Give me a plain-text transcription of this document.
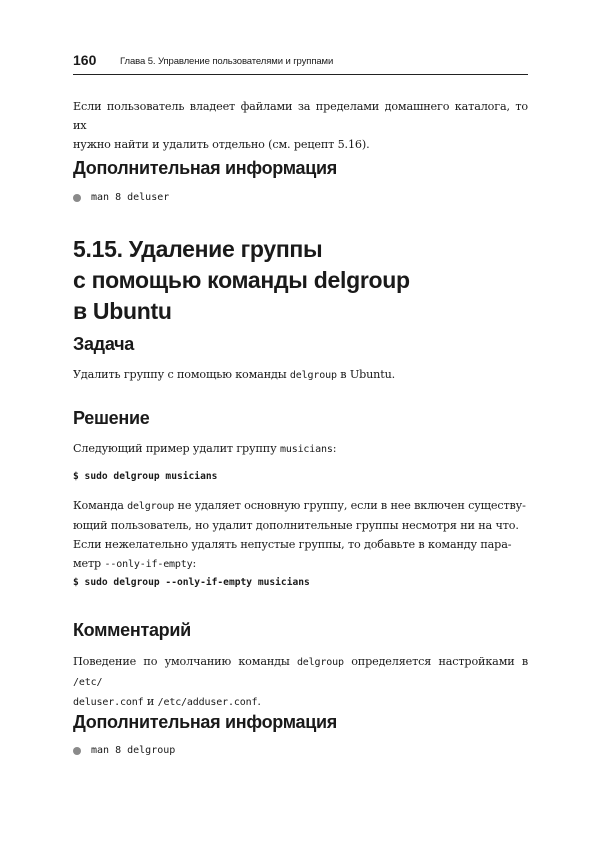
160 Глава 5. Управление пользователями и группами
Если пользователь владеет файлами за пределами домашнего каталога, то их
нужно найти и удалить отдельно (см. рецепт 5.16).
Дополнительная информация
man 8 deluser
5.15. Удаление группы
с помощью команды delgroup
в Ubuntu
Задача
Удалить группу с помощью команды delgroup в Ubuntu.
Решение
Следующий пример удалит группу musicians:
$ sudo delgroup musicians
Команда delgroup не удаляет основную группу, если в нее включен существу-
ющий пользователь, но удалит дополнительные группы несмотря ни на что.
Если нежелательно удалять непустые группы, то добавьте в команду пара-
метр --only-if-empty:
$ sudo delgroup --only-if-empty musicians
Комментарий
Поведение по умолчанию команды delgroup определяется настройками в /etc/
deluser.conf и /etc/adduser.conf.
Дополнительная информация
man 8 delgroup
